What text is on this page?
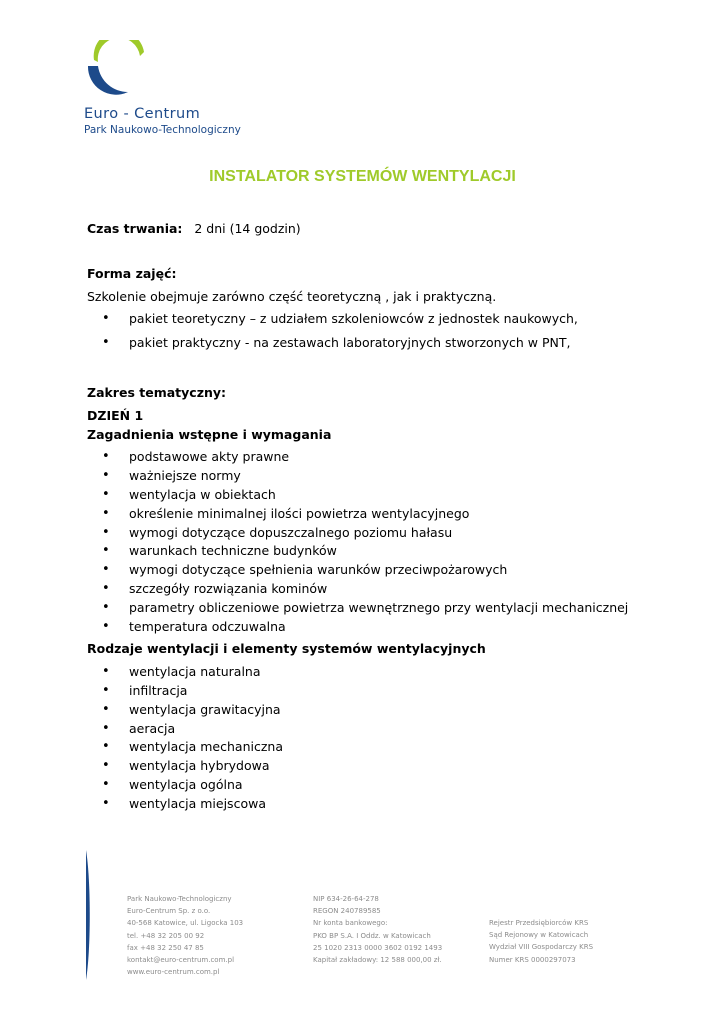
Euro - Centrum
Park Naukowo-Technologiczny
INSTALATOR SYSTEMÓW WENTYLACJI
Czas trwania: 2 dni (14 godzin)
Forma zajęć:
Szkolenie obejmuje zarówno część teoretyczną , jak i praktyczną.
• pakiet teoretyczny – z udziałem szkoleniowców z jednostek naukowych,
• pakiet praktyczny - na zestawach laboratoryjnych stworzonych w PNT,
Zakres tematyczny:
DZIEŃ 1
Zagadnienia wstępne i wymagania
• podstawowe akty prawne
• ważniejsze normy
• wentylacja w obiektach
• określenie minimalnej ilości powietrza wentylacyjnego
• wymogi dotyczące dopuszczalnego poziomu hałasu
• warunkach techniczne budynków
• wymogi dotyczące spełnienia warunków przeciwpożarowych
• szczegóły rozwiązania kominów
• parametry obliczeniowe powietrza wewnętrznego przy wentylacji mechanicznej
• temperatura odczuwalna
Rodzaje wentylacji i elementy systemów wentylacyjnych
• wentylacja naturalna
• infiltracja
• wentylacja grawitacyjna
• aeracja
• wentylacja mechaniczna
• wentylacja hybrydowa
• wentylacja ogólna
• wentylacja miejscowa
Park Naukowo-Technologiczny
Euro-Centrum Sp. z o.o.
40-568 Katowice, ul. Ligocka 103
tel. +48 32 205 00 92
fax +48 32 250 47 85
kontakt@euro-centrum.com.pl
www.euro-centrum.com.pl
NIP 634-26-64-278
REGON 240789585
Nr konta bankowego:
PKO BP S.A. I Oddz. w Katowicach
25 1020 2313 0000 3602 0192 1493
Kapitał zakładowy: 12 588 000,00 zł.
Rejestr Przedsiębiorców KRS
Sąd Rejonowy w Katowicach
Wydział VIII Gospodarczy KRS
Numer KRS 0000297073
